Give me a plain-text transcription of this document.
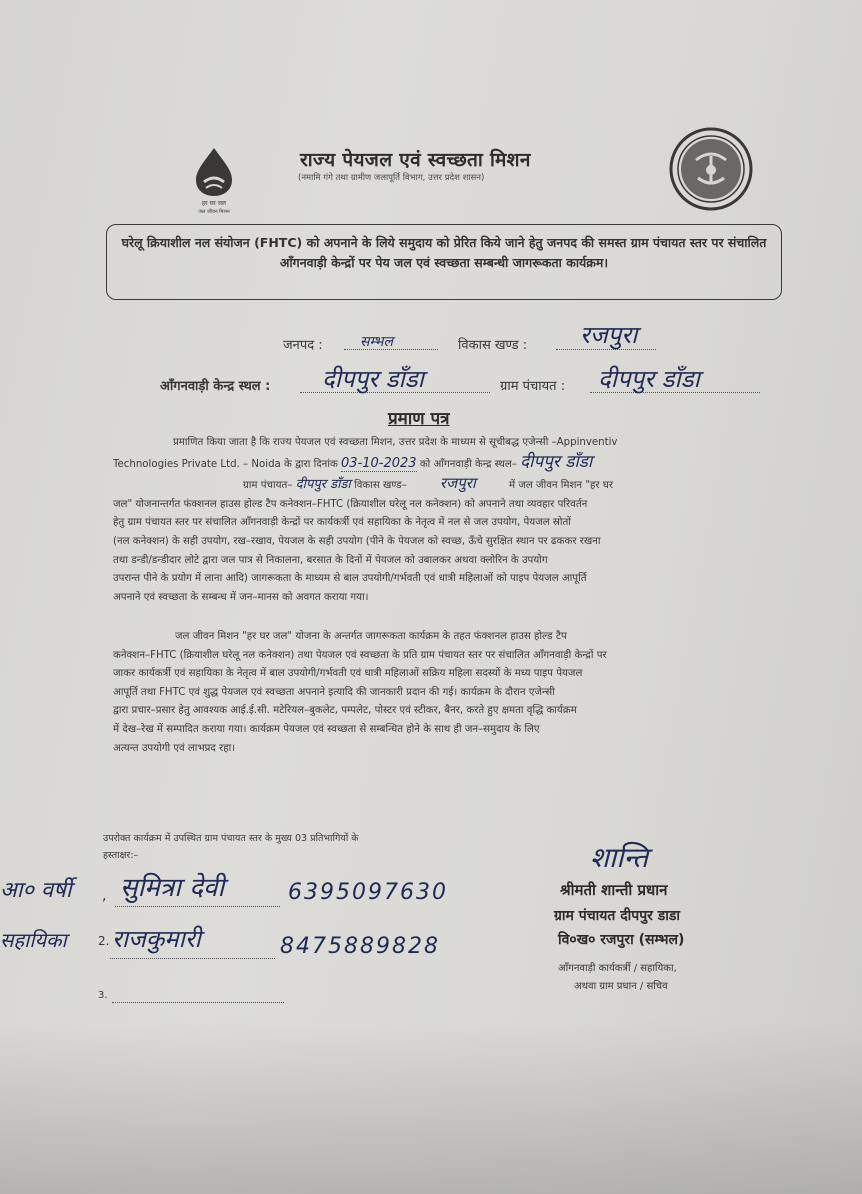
हर घर जल
जल जीवन मिशन
राज्य पेयजल एवं स्वच्छता मिशन
(नमामि गंगे तथा ग्रामीण जलापूर्ति विभाग, उत्तर प्रदेश शासन)
घरेलू क्रियाशील नल संयोजन (FHTC) को अपनाने के लिये समुदाय को प्रेरित किये जाने हेतु जनपद की समस्त ग्राम पंचायत स्तर पर संचालित आँगनवाड़ी केन्द्रों पर पेय जल एवं स्वच्छता सम्बन्धी जागरूकता कार्यक्रम।
जनपद :	सम्भल	विकास खण्ड : रजपुरा
आँगनवाड़ी केन्द्र स्थल : दीपपुर डाँडा	ग्राम पंचायत : दीपपुर डाँडा
प्रमाण पत्र
प्रमाणित किया जाता है कि राज्य पेयजल एवं स्वच्छता मिशन, उत्तर प्रदेश के माध्यम से सूचीबद्ध एजेन्सी –Appinventiv
Technologies Private Ltd. – Noida के द्वारा दिनांक 03-10-2023 को आँगनवाड़ी केन्द्र स्थल– दीपपुर डाँडा
ग्राम पंचायत– दीपपुर डाँडा विकास खण्ड– रजपुरा	में जल जीवन मिशन "हर घर
जल" योजनान्तर्गत फंक्शनल हाउस होल्ड टैप कनेक्शन–FHTC (क्रियाशील घरेलू नल कनेक्शन) को अपनाने तथा व्यवहार परिवर्तन
हेतु ग्राम पंचायत स्तर पर संचालित आँगनवाड़ी केन्द्रों पर कार्यकर्त्री एवं सहायिका के नेतृत्व में नल से जल उपयोग, पेयजल स्रोतों
(नल कनेक्शन) के सही उपयोग, रख–रखाव, पेयजल के सही उपयोग (पीने के पेयजल को स्वच्छ, ऊँचे सुरक्षित स्थान पर ढककर रखना
तथा डन्डी/डन्डीदार लोटे द्वारा जल पात्र से निकालना, बरसात के दिनों में पेयजल को उबालकर अथवा क्लोरिन के उपयोग
उपरान्त पीने के प्रयोग में लाना आदि) जागरूकता के माध्यम से बाल उपयोगी/गर्भवती एवं धात्री महिलाओं को पाइप पेयजल आपूर्ति
अपनाने एवं स्वच्छता के सम्बन्ध में जन–मानस को अवगत कराया गया।
जल जीवन मिशन "हर घर जल" योजना के अन्तर्गत जागरूकता कार्यक्रम के तहत फंक्शनल हाउस होल्ड टैप
कनेक्शन–FHTC (क्रियाशील घरेलू नल कनेक्शन) तथा पेयजल एवं स्वच्छता के प्रति ग्राम पंचायत स्तर पर संचालित आँगनवाड़ी केन्द्रों पर
जाकर कार्यकर्त्री एवं सहायिका के नेतृत्व में बाल उपयोगी/गर्भवती एवं धात्री महिलाओं सक्रिय महिला सदस्यों के मध्य पाइप पेयजल
आपूर्ति तथा FHTC एवं शुद्ध पेयजल एवं स्वच्छता अपनाने इत्यादि की जानकारी प्रदान की गई। कार्यक्रम के दौरान एजेन्सी
द्वारा प्रचार–प्रसार हेतु आवश्यक आई.ई.सी. मटेरियल–बुकलेट, पम्पलेट, पोस्टर एवं स्टीकर, बैनर, करते हुए क्षमता वृद्धि कार्यक्रम
में देख–रेख में सम्पादित कराया गया। कार्यक्रम पेयजल एवं स्वच्छता से सम्बन्धित होने के साथ ही जन–समुदाय के लिए
अत्यन्त उपयोगी एवं लाभप्रद रहा।
उपरोक्त कार्यक्रम में उपस्थित ग्राम पंचायत स्तर के मुख्य 03 प्रतिभागियों के
हस्ताक्षर:–
आ० वर्षी , सुमित्रा देवी	6395097630
सहायिका	2. राजकुमारी	8475889828
3.
शान्ति
श्रीमती शान्ती प्रधान
ग्राम पंचायत दीपपुर डाडा
वि०ख० रजपुरा (सम्भल)
आँगनवाड़ी कार्यकर्त्री / सहायिका,
अथवा ग्राम प्रधान / सचिव
